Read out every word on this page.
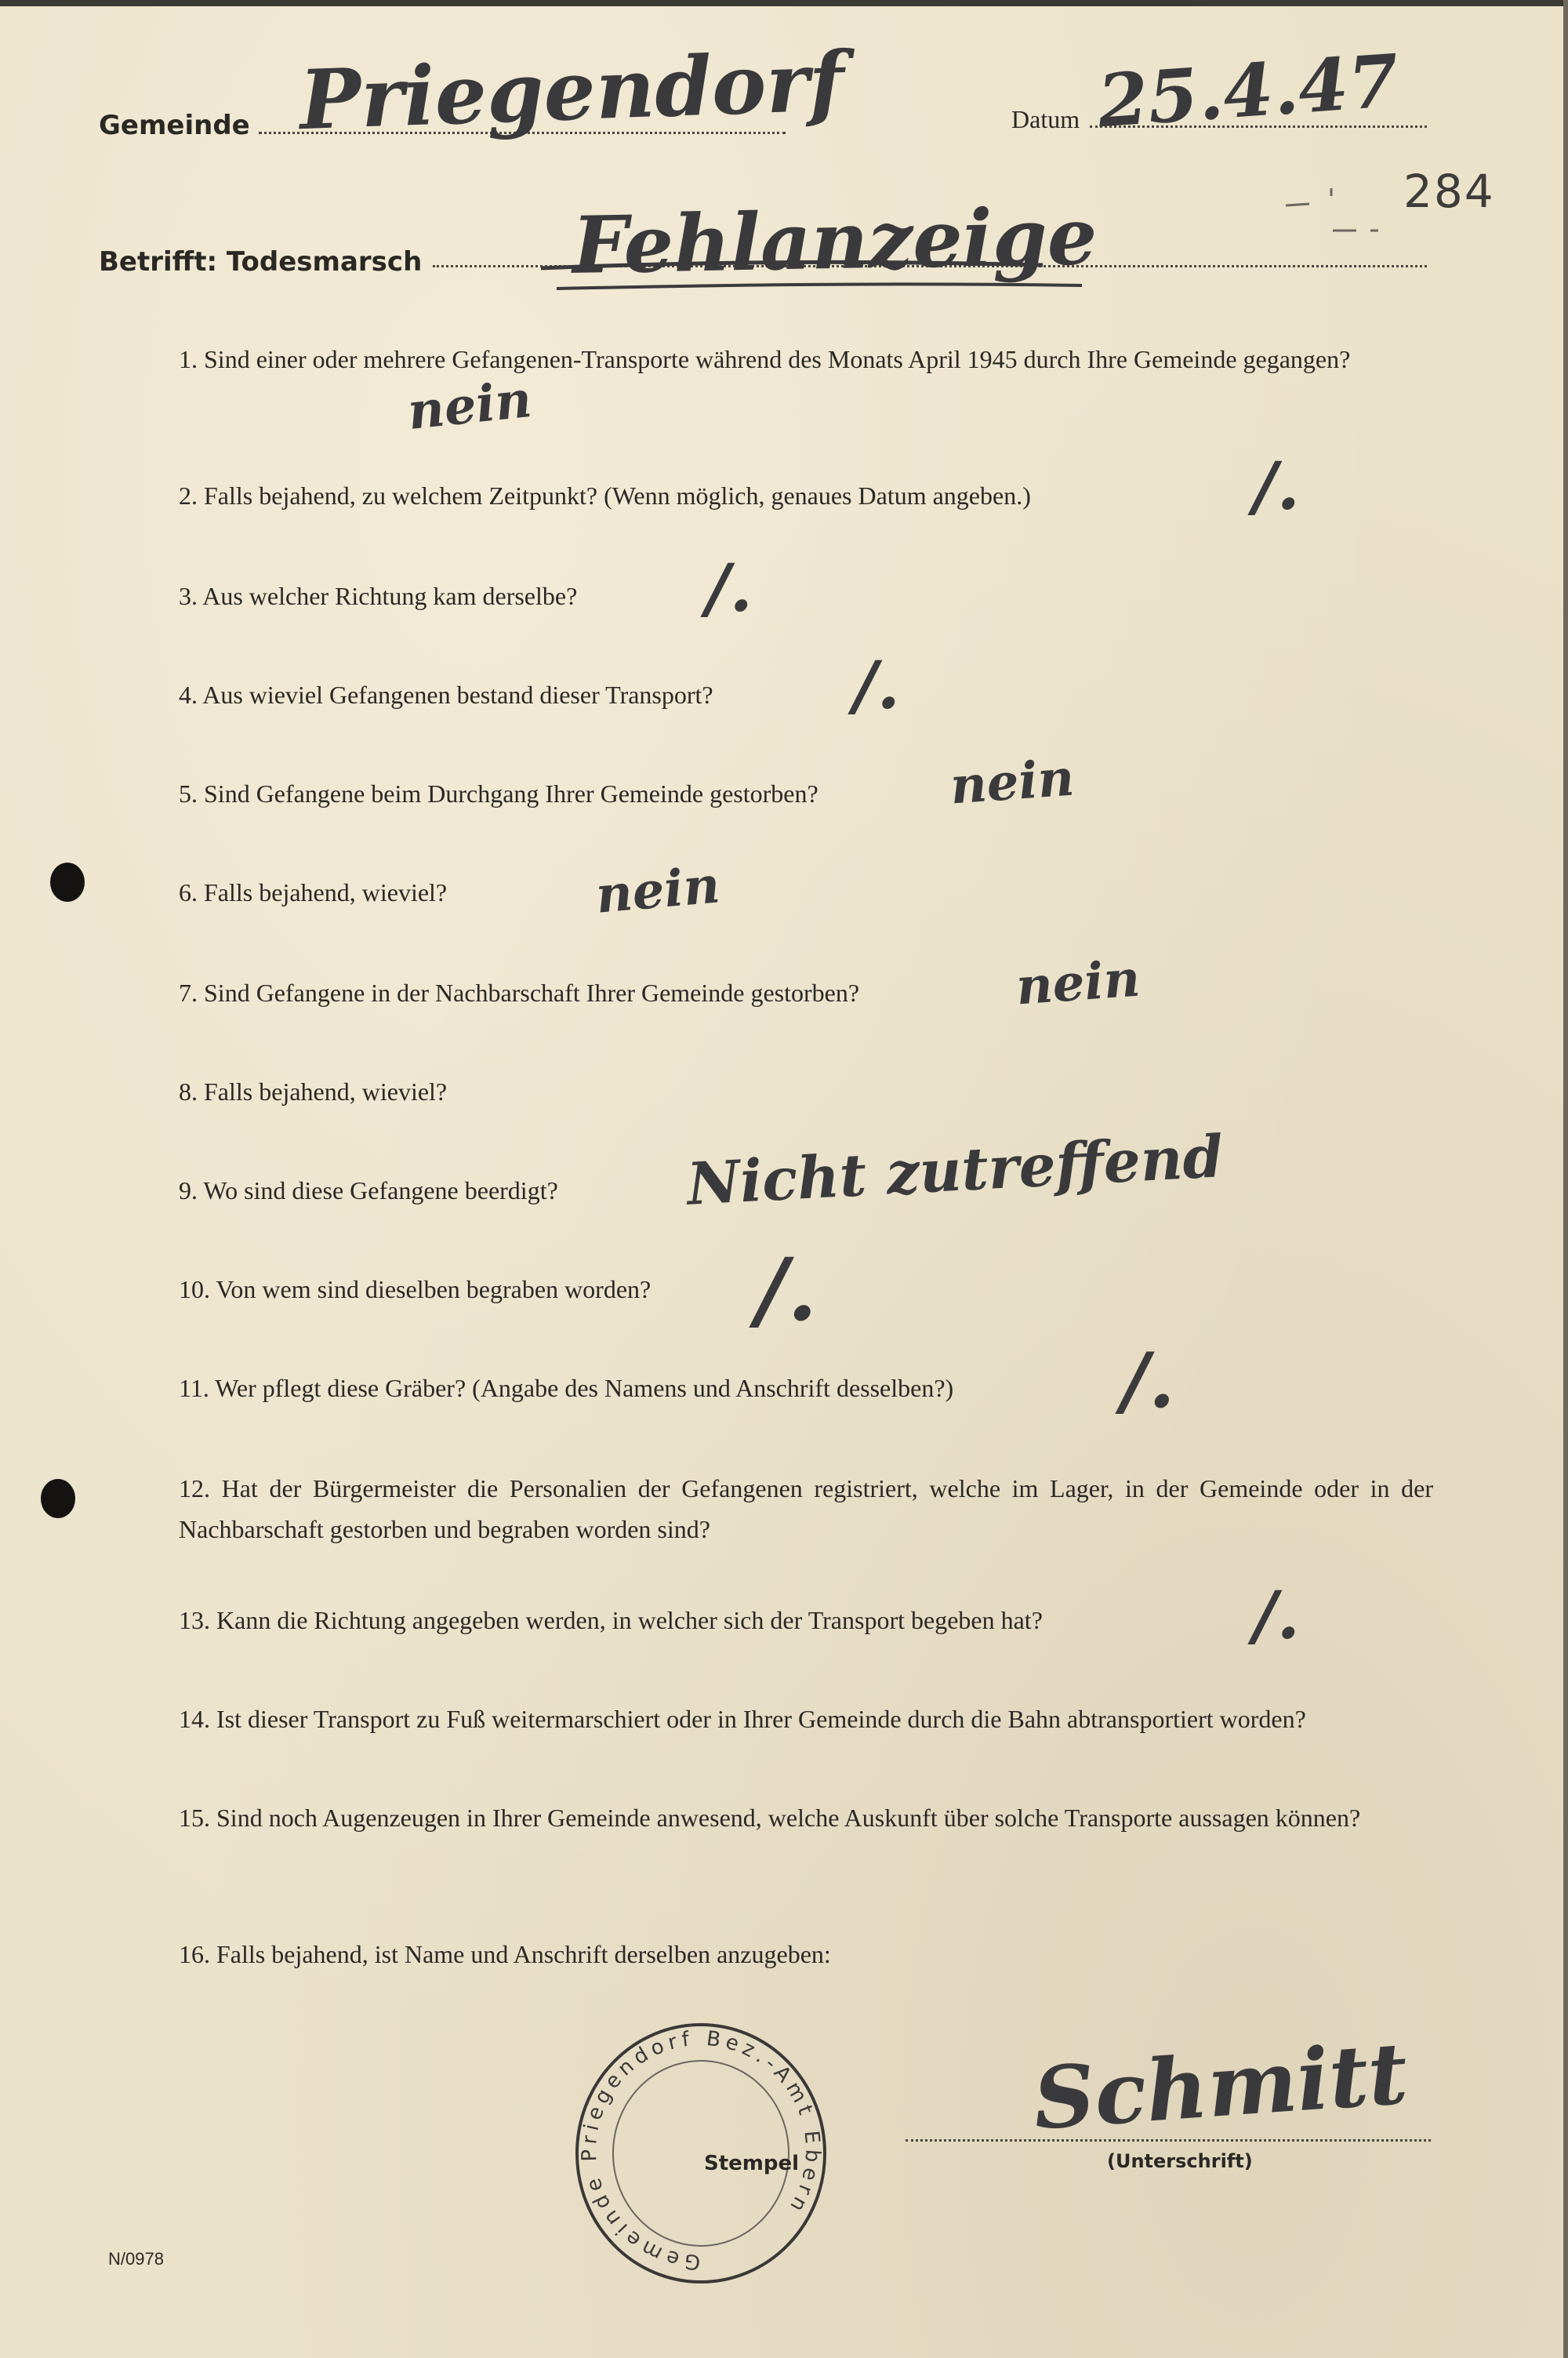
Gemeinde Priegendorf	Datum 25.4.47
284
Betrifft: Todesmarsch Fehlanzeige
1. Sind einer oder mehrere Gefangenen-Transporte während des Monats April 1945 durch Ihre Gemeinde gegangen?
nein
2. Falls bejahend, zu welchem Zeitpunkt? (Wenn möglich, genaues Datum angeben.)	/.
3. Aus welcher Richtung kam derselbe? /.
4. Aus wieviel Gefangenen bestand dieser Transport? /.
5. Sind Gefangene beim Durchgang Ihrer Gemeinde gestorben?	nein
6. Falls bejahend, wieviel?	nein
7. Sind Gefangene in der Nachbarschaft Ihrer Gemeinde gestorben?	nein
8. Falls bejahend, wieviel?
9. Wo sind diese Gefangene beerdigt? Nicht zutreffend
10. Von wem sind dieselben begraben worden? /.
11. Wer pflegt diese Gräber? (Angabe des Namens und Anschrift desselben?) /.
12. Hat der Bürgermeister die Personalien der Gefangenen registriert, welche im Lager, in der Gemeinde oder in der Nachbarschaft gestorben und begraben worden sind?
13. Kann die Richtung angegeben werden, in welcher sich der Transport begeben hat?	/.
14. Ist dieser Transport zu Fuß weitermarschiert oder in Ihrer Gemeinde durch die Bahn abtransportiert worden?
15. Sind noch Augenzeugen in Ihrer Gemeinde anwesend, welche Auskunft über solche Transporte aussagen können?
16. Falls bejahend, ist Name und Anschrift derselben anzugeben:
Gemeinde Priegendorf Bez.-Amt Ebern
Stempel
Schmitt
(Unterschrift)
N/0978
